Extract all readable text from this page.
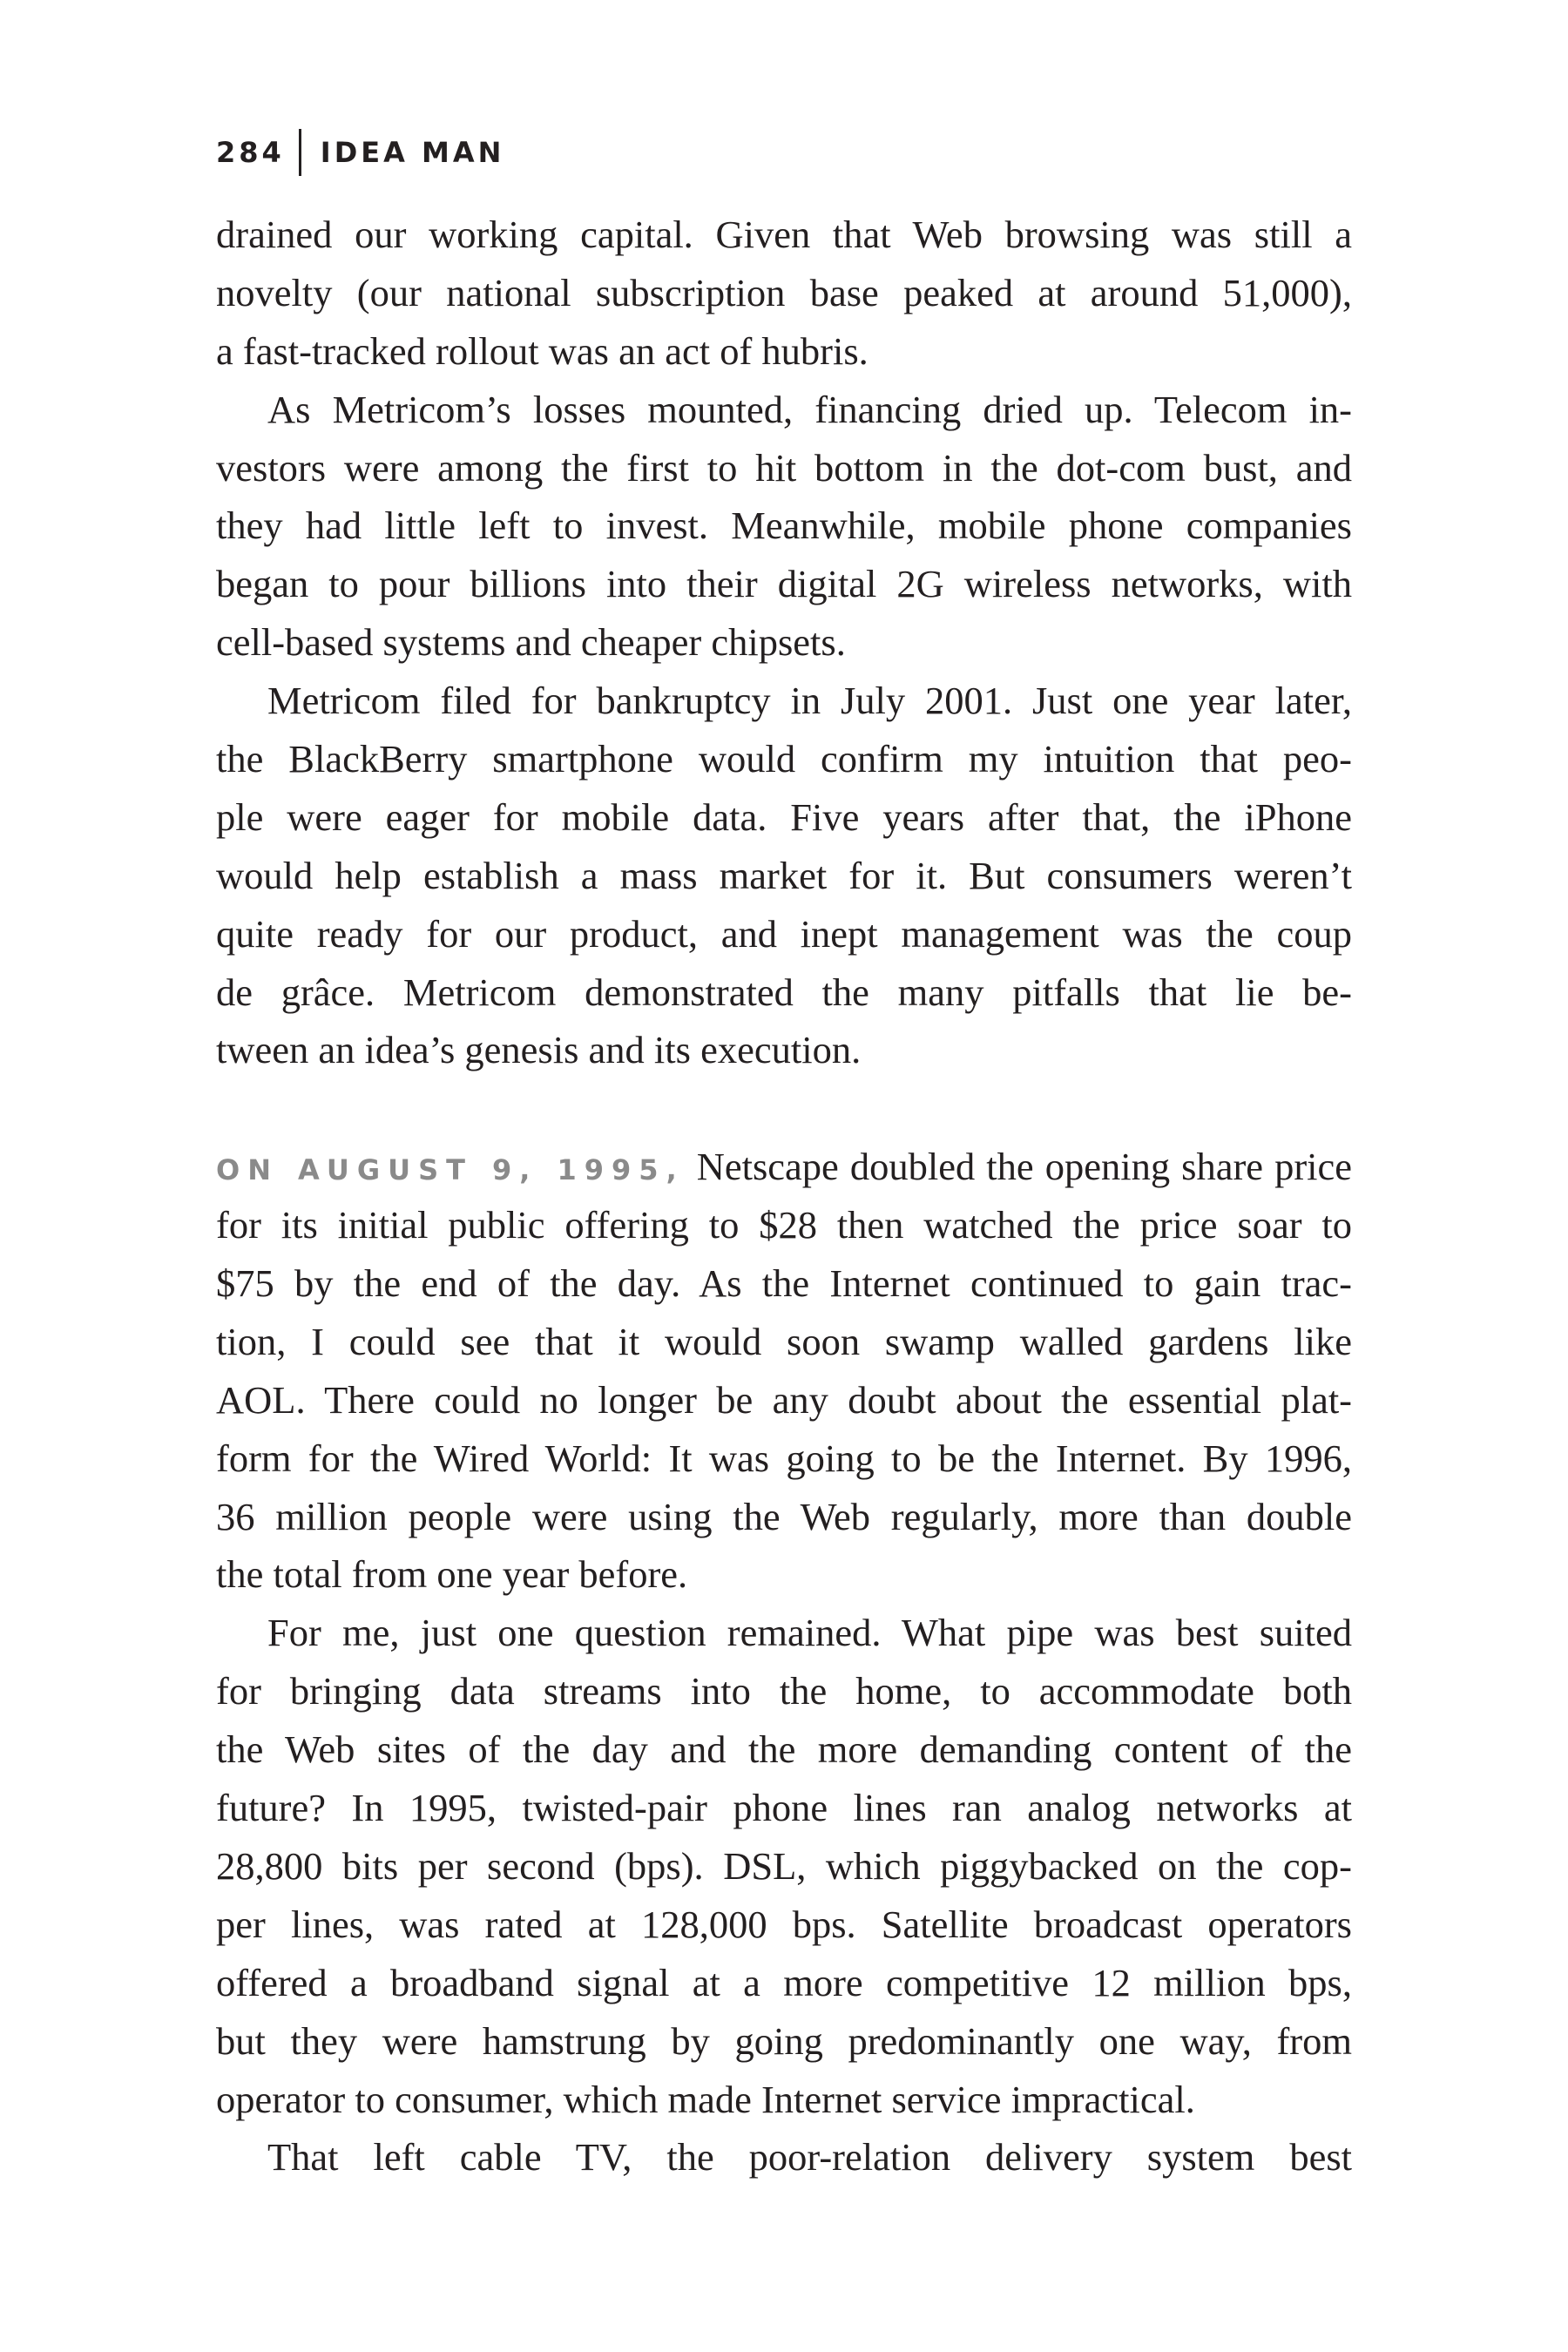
284 IDEA MAN
drained our working capital. Given that Web browsing was still a
novelty (our national subscription base peaked at around 51,000),
a fast-tracked rollout was an act of hubris.
As Metricom’s losses mounted, financing dried up. Telecom in-
vestors were among the first to hit bottom in the dot-com bust, and
they had little left to invest. Meanwhile, mobile phone companies
began to pour billions into their digital 2G wireless networks, with
cell-based systems and cheaper chipsets.
Metricom filed for bankruptcy in July 2001. Just one year later,
the BlackBerry smartphone would confirm my intuition that peo-
ple were eager for mobile data. Five years after that, the iPhone
would help establish a mass market for it. But consumers weren’t
quite ready for our product, and inept management was the coup
de grâce. Metricom demonstrated the many pitfalls that lie be-
tween an idea’s genesis and its execution.
ON AUGUST 9, 1995, Netscape doubled the opening share price
for its initial public offering to $28 then watched the price soar to
$75 by the end of the day. As the Internet continued to gain trac-
tion, I could see that it would soon swamp walled gardens like
AOL. There could no longer be any doubt about the essential plat-
form for the Wired World: It was going to be the Internet. By 1996,
36 million people were using the Web regularly, more than double
the total from one year before.
For me, just one question remained. What pipe was best suited
for bringing data streams into the home, to accommodate both
the Web sites of the day and the more demanding content of the
future? In 1995, twisted-pair phone lines ran analog networks at
28,800 bits per second (bps). DSL, which piggybacked on the cop-
per lines, was rated at 128,000 bps. Satellite broadcast operators
offered a broadband signal at a more competitive 12 million bps,
but they were hamstrung by going predominantly one way, from
operator to consumer, which made Internet service impractical.
That left cable TV, the poor-relation delivery system best
